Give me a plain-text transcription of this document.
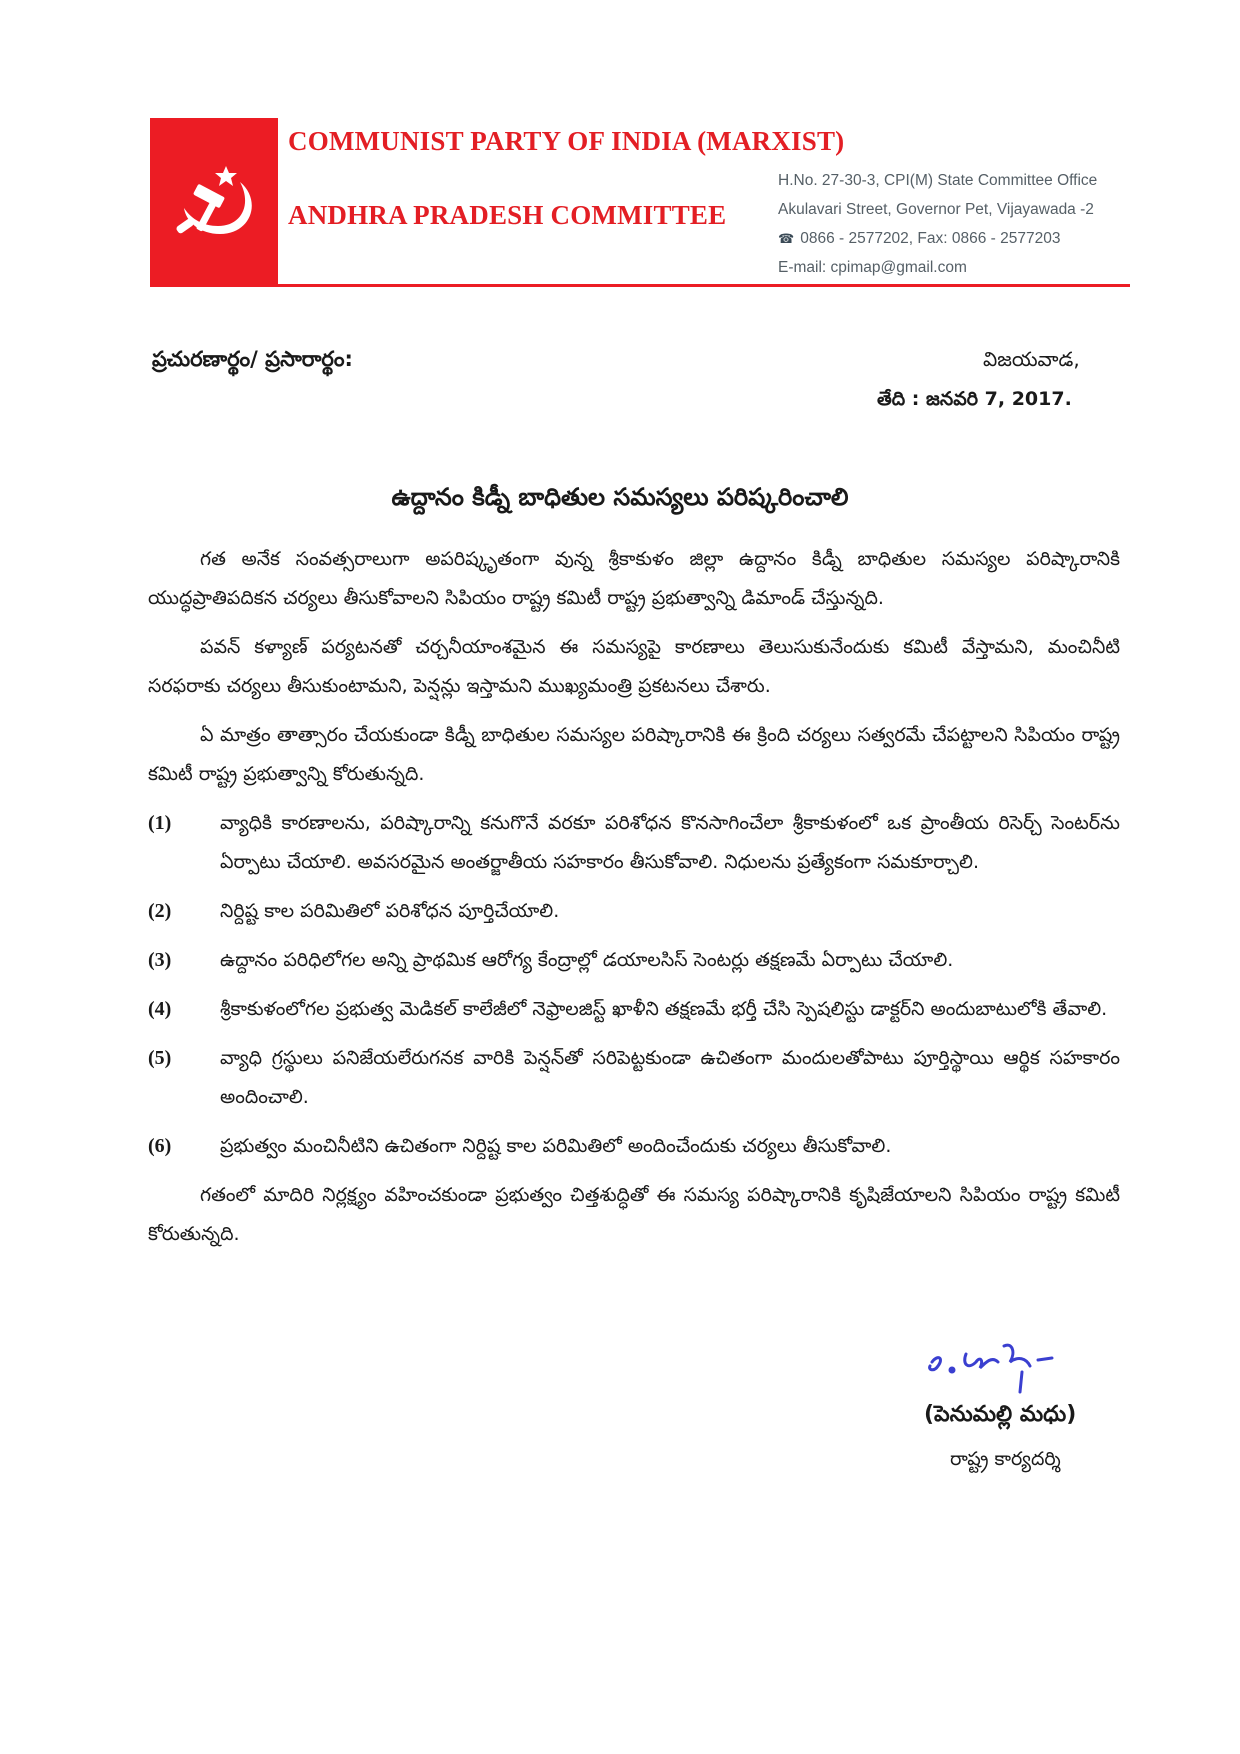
COMMUNIST PARTY OF INDIA (MARXIST)
ANDHRA PRADESH COMMITTEE
H.No. 27-30-3, CPI(M) State Committee Office
Akulavari Street, Governor Pet, Vijayawada -2
☎ 0866 - 2577202, Fax: 0866 - 2577203
E-mail: cpimap@gmail.com
ప్రచురణార్థం/ ప్రసారార్థం:	విజయవాడ,
తేది : జనవరి 7, 2017.
ఉద్దానం కిడ్నీ బాధితుల సమస్యలు పరిష్కరించాలి

గత అనేక సంవత్సరాలుగా అపరిష్కృతంగా వున్న శ్రీకాకుళం జిల్లా ఉద్దానం కిడ్నీ బాధితుల సమస్యల పరిష్కారానికి యుద్ధప్రాతిపదికన చర్యలు తీసుకోవాలని సిపియం రాష్ట్ర కమిటీ రాష్ట్ర ప్రభుత్వాన్ని డిమాండ్ చేస్తున్నది.

పవన్ కళ్యాణ్ పర్యటనతో చర్చనీయాంశమైన ఈ సమస్యపై కారణాలు తెలుసుకునేందుకు కమిటీ వేస్తామని, మంచినీటి సరఫరాకు చర్యలు తీసుకుంటామని, పెన్షన్లు ఇస్తామని ముఖ్యమంత్రి ప్రకటనలు చేశారు.

ఏ మాత్రం తాత్సారం చేయకుండా కిడ్నీ బాధితుల సమస్యల పరిష్కారానికి ఈ క్రింది చర్యలు సత్వరమే చేపట్టాలని సిపియం రాష్ట్ర కమిటీ రాష్ట్ర ప్రభుత్వాన్ని కోరుతున్నది.

(1)	వ్యాధికి కారణాలను, పరిష్కారాన్ని కనుగొనే వరకూ పరిశోధన కొనసాగించేలా శ్రీకాకుళంలో ఒక ప్రాంతీయ రిసెర్చ్ సెంటర్‌ను ఏర్పాటు చేయాలి. అవసరమైన అంతర్జాతీయ సహకారం తీసుకోవాలి. నిధులను ప్రత్యేకంగా సమకూర్చాలి.
(2)	నిర్దిష్ట కాల పరిమితిలో పరిశోధన పూర్తిచేయాలి.
(3)	ఉద్దానం పరిధిలోగల అన్ని ప్రాథమిక ఆరోగ్య కేంద్రాల్లో డయాలసిస్ సెంటర్లు తక్షణమే ఏర్పాటు చేయాలి.
(4)	శ్రీకాకుళంలోగల ప్రభుత్వ మెడికల్ కాలేజీలో నెఫ్రాలజిస్ట్ ఖాళీని తక్షణమే భర్తీ చేసి స్పెషలిస్టు డాక్టర్‌ని అందుబాటులోకి తేవాలి.
(5)	వ్యాధి గ్రస్థులు పనిజేయలేరుగనక వారికి పెన్షన్‌తో సరిపెట్టకుండా ఉచితంగా మందులతోపాటు పూర్తిస్థాయి ఆర్థిక సహకారం అందించాలి.
(6)	ప్రభుత్వం మంచినీటిని ఉచితంగా నిర్దిష్ట కాల పరిమితిలో అందించేందుకు చర్యలు తీసుకోవాలి.

గతంలో మాదిరి నిర్లక్ష్యం వహించకుండా ప్రభుత్వం చిత్తశుద్ధితో ఈ సమస్య పరిష్కారానికి కృషిజేయాలని సిపియం రాష్ట్ర కమిటీ కోరుతున్నది.

(పెనుమల్లి మధు)
రాష్ట్ర కార్యదర్శి
